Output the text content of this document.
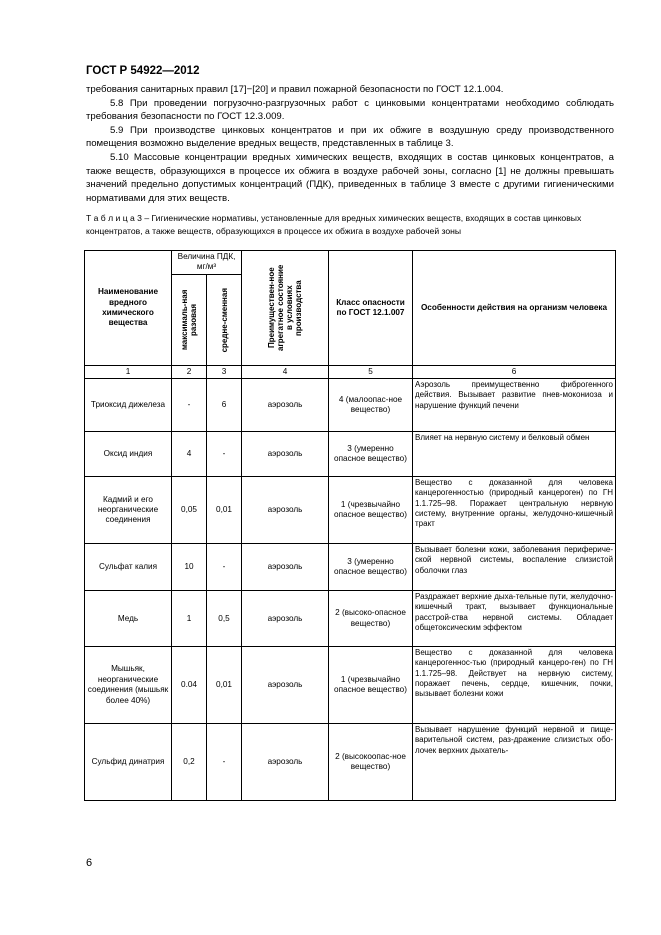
ГОСТ Р 54922—2012

требования санитарных правил [17]−[20] и правил пожарной безопасности по ГОСТ 12.1.004.

5.8 При проведении погрузочно-разгрузочных работ с цинковыми концентратами необходимо соблюдать требования безопасности по ГОСТ 12.3.009.

5.9 При производстве цинковых концентратов и при их обжиге в воздушную среду производственного помещения возможно выделение вредных веществ, представленных в таблице 3.

5.10 Массовые концентрации вредных химических веществ, входящих в состав цинковых концентратов, а также веществ, образующихся в процессе их обжига в воздухе рабочей зоны, согласно [1] не должны превышать значений предельно допустимых концентраций (ПДК), приведенных в таблице 3 вместе с другими гигиеническими нормативами для этих веществ.

Т а б л и ц а 3 – Гигиенические нормативы, установленные для вредных химических веществ, входящих в состав цинковых концентратов, а также веществ, образующихся в процессе их обжига в воздухе рабочей зоны
Наименование вредного химического вещества	Величина ПДК, мг/м³		Преимуществен-ное агрегатное состояние в условиях производства	Класс опасности по ГОСТ 12.1.007	Особенности действия на организм человека

	максималь-ная разовая	средне-сменная			

1	2	3	4	5	6
Триоксид дижелеза	-	6	аэрозоль	4 (малоопас-ное вещество)	Аэрозоль преимущественно фиброгенного действия. Вызывает развитие пнев-мокониоза и нарушение функций печени
Оксид индия	4	-	аэрозоль	3 (умеренно опасное вещество)	Влияет на нервную систему и белковый обмен
Кадмий и его неорганические соединения	0,05	0,01	аэрозоль	1 (чрезвычайно опасное вещество)	Вещество с доказанной для человека канцерогенностью (природный канцероген) по ГН 1.1.725–98. Поражает центральную нервную систему, внутренние органы, желудочно-кишечный тракт
Сульфат калия	10	-	аэрозоль	3 (умеренно опасное вещество)	Вызывает болезни кожи, заболевания периферичe-ской нервной системы, воспаление слизистой оболочки глаз
Медь	1	0,5	аэрозоль	2 (высоко-опасное вещество)	Раздражает верхние дыха-тельные пути, желудочно-кишечный тракт, вызывает функциональные расстрой-ства нервной системы. Обладает общетоксическим эффектом
Мышьяк, неорганические соединения (мышьяк более 40%)	0.04	0,01	аэрозоль	1 (чрезвычайно опасное вещество)	Вещество с доказанной для человека канцерогеннос-тью (природный канцеро-ген) по ГН 1.1.725–98. Действует на нервную систему, поражает печень, сердце, кишечник, почки, вызывает болезни кожи
Сульфид динатрия	0,2	-	аэрозоль	2 (высокоопас-ное вещество)	Вызывает нарушение функций нервной и пище-варительной систем, раз-дражение слизистых обо-лочек верхних дыхатель-
6
